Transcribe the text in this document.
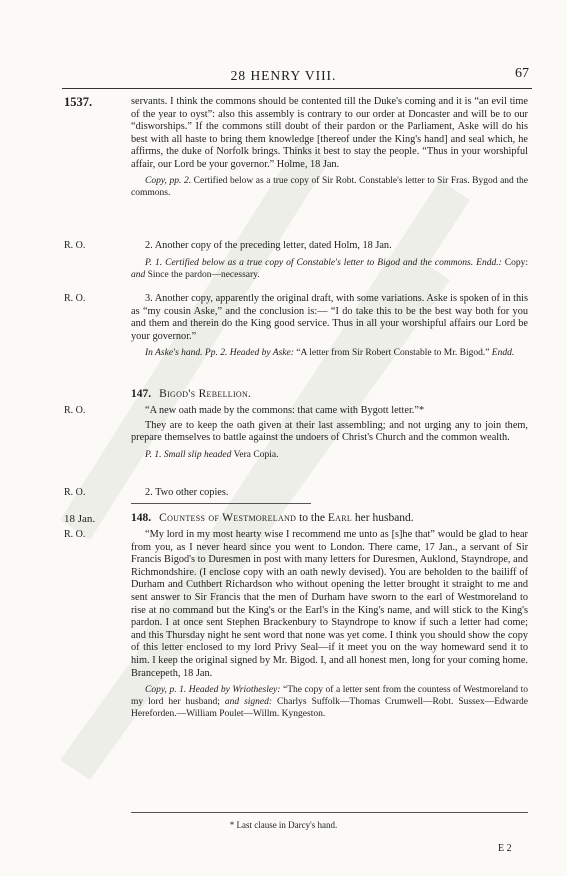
28 HENRY VIII.	67
1537.	servants. I think the commons should be contented till the Duke's coming and it is “an evil time of the year to oyst”: also this assembly is contrary to our order at Doncaster and will be to our “disworships.” If the commons still doubt of their pardon or the Parliament, Aske will do his best with all haste to bring them knowledge [thereof under the King's hand] and seal which, he affirms, the duke of Norfolk brings. Thinks it best to stay the people. “Thus in your worshipful affair, our Lord be your governor.” Holme, 18 Jan.

Copy, pp. 2. Certified below as a true copy of Sir Robt. Constable's letter to Sir Fras. Bygod and the commons.

R. O.	2. Another copy of the preceding letter, dated Holm, 18 Jan.

P. 1. Certified below as a true copy of Constable's letter to Bigod and the commons. Endd.: Copy: and Since the pardon—necessary.

R. O.	3. Another copy, apparently the original draft, with some variations. Aske is spoken of in this as “my cousin Aske,” and the conclusion is:— “I do take this to be the best way both for you and them and therein do the King good service. Thus in all your worshipful affairs our Lord be your governor.”

In Aske's hand. Pp. 2. Headed by Aske: “A letter from Sir Robert Constable to Mr. Bigod.” Endd.

147. Bigod's Rebellion.
R. O.	“A new oath made by the commons: that came with Bygott letter.”*

They are to keep the oath given at their last assembling; and not urging any to join them, prepare themselves to battle against the undoers of Christ's Church and the common wealth.

P. 1. Small slip headed Vera Copia.

R. O.	2. Two other copies.

18 Jan.	148. Countess of Westmoreland to the Earl her husband.
R. O.	“My lord in my most hearty wise I recommend me unto as [s]he that” would be glad to hear from you, as I never heard since you went to London. There came, 17 Jan., a servant of Sir Francis Bigod's to Duresmen in post with many letters for Duresmen, Auklond, Stayndrope, and Richmondshire. (I enclose copy with an oath newly devised). You are beholden to the bailiff of Durham and Cuthbert Richardson who without opening the letter brought it straight to me and sent answer to Sir Francis that the men of Durham have sworn to the earl of Westmoreland to rise at no command but the King's or the Earl's in the King's name, and will stick to the King's pardon. I at once sent Stephen Brackenbury to Stayndrope to know if such a letter had come; and this Thursday night he sent word that none was yet come. I think you should show the copy of this letter enclosed to my lord Privy Seal—if it meet you on the way homeward send it to him. I keep the original signed by Mr. Bigod. I, and all honest men, long for your coming home. Brancepeth, 18 Jan.

Copy, p. 1. Headed by Wriothesley: “The copy of a letter sent from the countess of Westmoreland to my lord her husband; and signed: Charlys Suffolk—Thomas Crumwell—Robt. Sussex—Edwarde Hereforden.—William Poulet—Willm. Kyngeston.

* Last clause in Darcy's hand.
E 2
